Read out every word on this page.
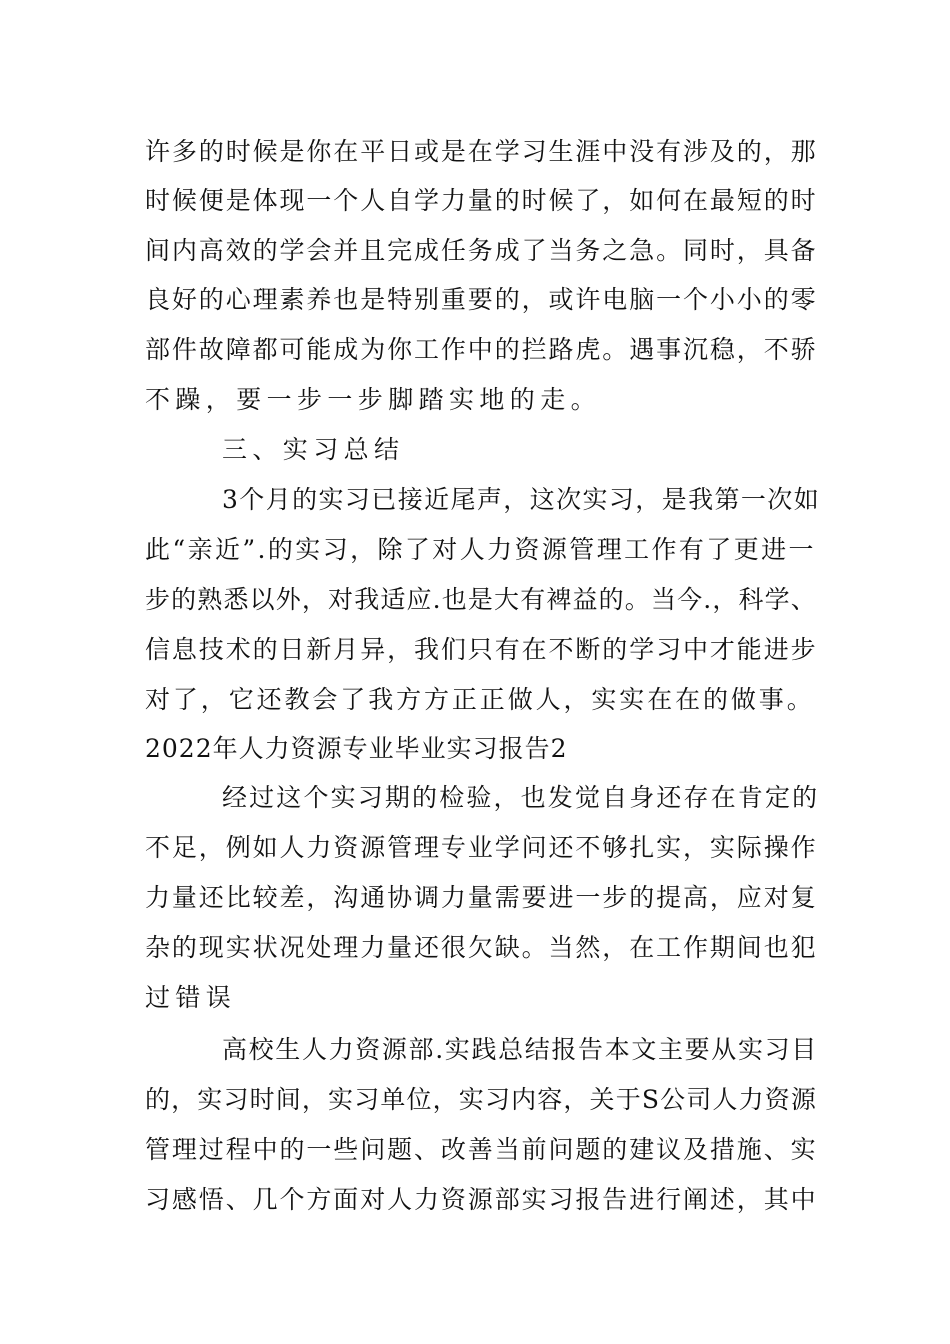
许多的时候是你在平日或是在学习生涯中没有涉及的，那
时候便是体现一个人自学力量的时候了，如何在最短的时
间内高效的学会并且完成任务成了当务之急。同时，具备
良好的心理素养也是特别重要的，或许电脑一个小小的零
部件故障都可能成为你工作中的拦路虎。遇事沉稳，不骄
不躁，要一步一步脚踏实地的走。
三、实习总结
3个月的实习已接近尾声，这次实习，是我第一次如
此“亲近”.的实习，除了对人力资源管理工作有了更进一
步的熟悉以外，对我适应.也是大有裨益的。当今.，科学、
信息技术的日新月异，我们只有在不断的学习中才能进步
对了，它还教会了我方方正正做人，实实在在的做事。
2022年人力资源专业毕业实习报告2
经过这个实习期的检验，也发觉自身还存在肯定的
不足，例如人力资源管理专业学问还不够扎实，实际操作
力量还比较差，沟通协调力量需要进一步的提高，应对复
杂的现实状况处理力量还很欠缺。当然，在工作期间也犯
过错误
高校生人力资源部.实践总结报告本文主要从实习目
的，实习时间，实习单位，实习内容，关于S公司人力资源
管理过程中的一些问题、改善当前问题的建议及措施、实
习感悟、几个方面对人力资源部实习报告进行阐述，其中
